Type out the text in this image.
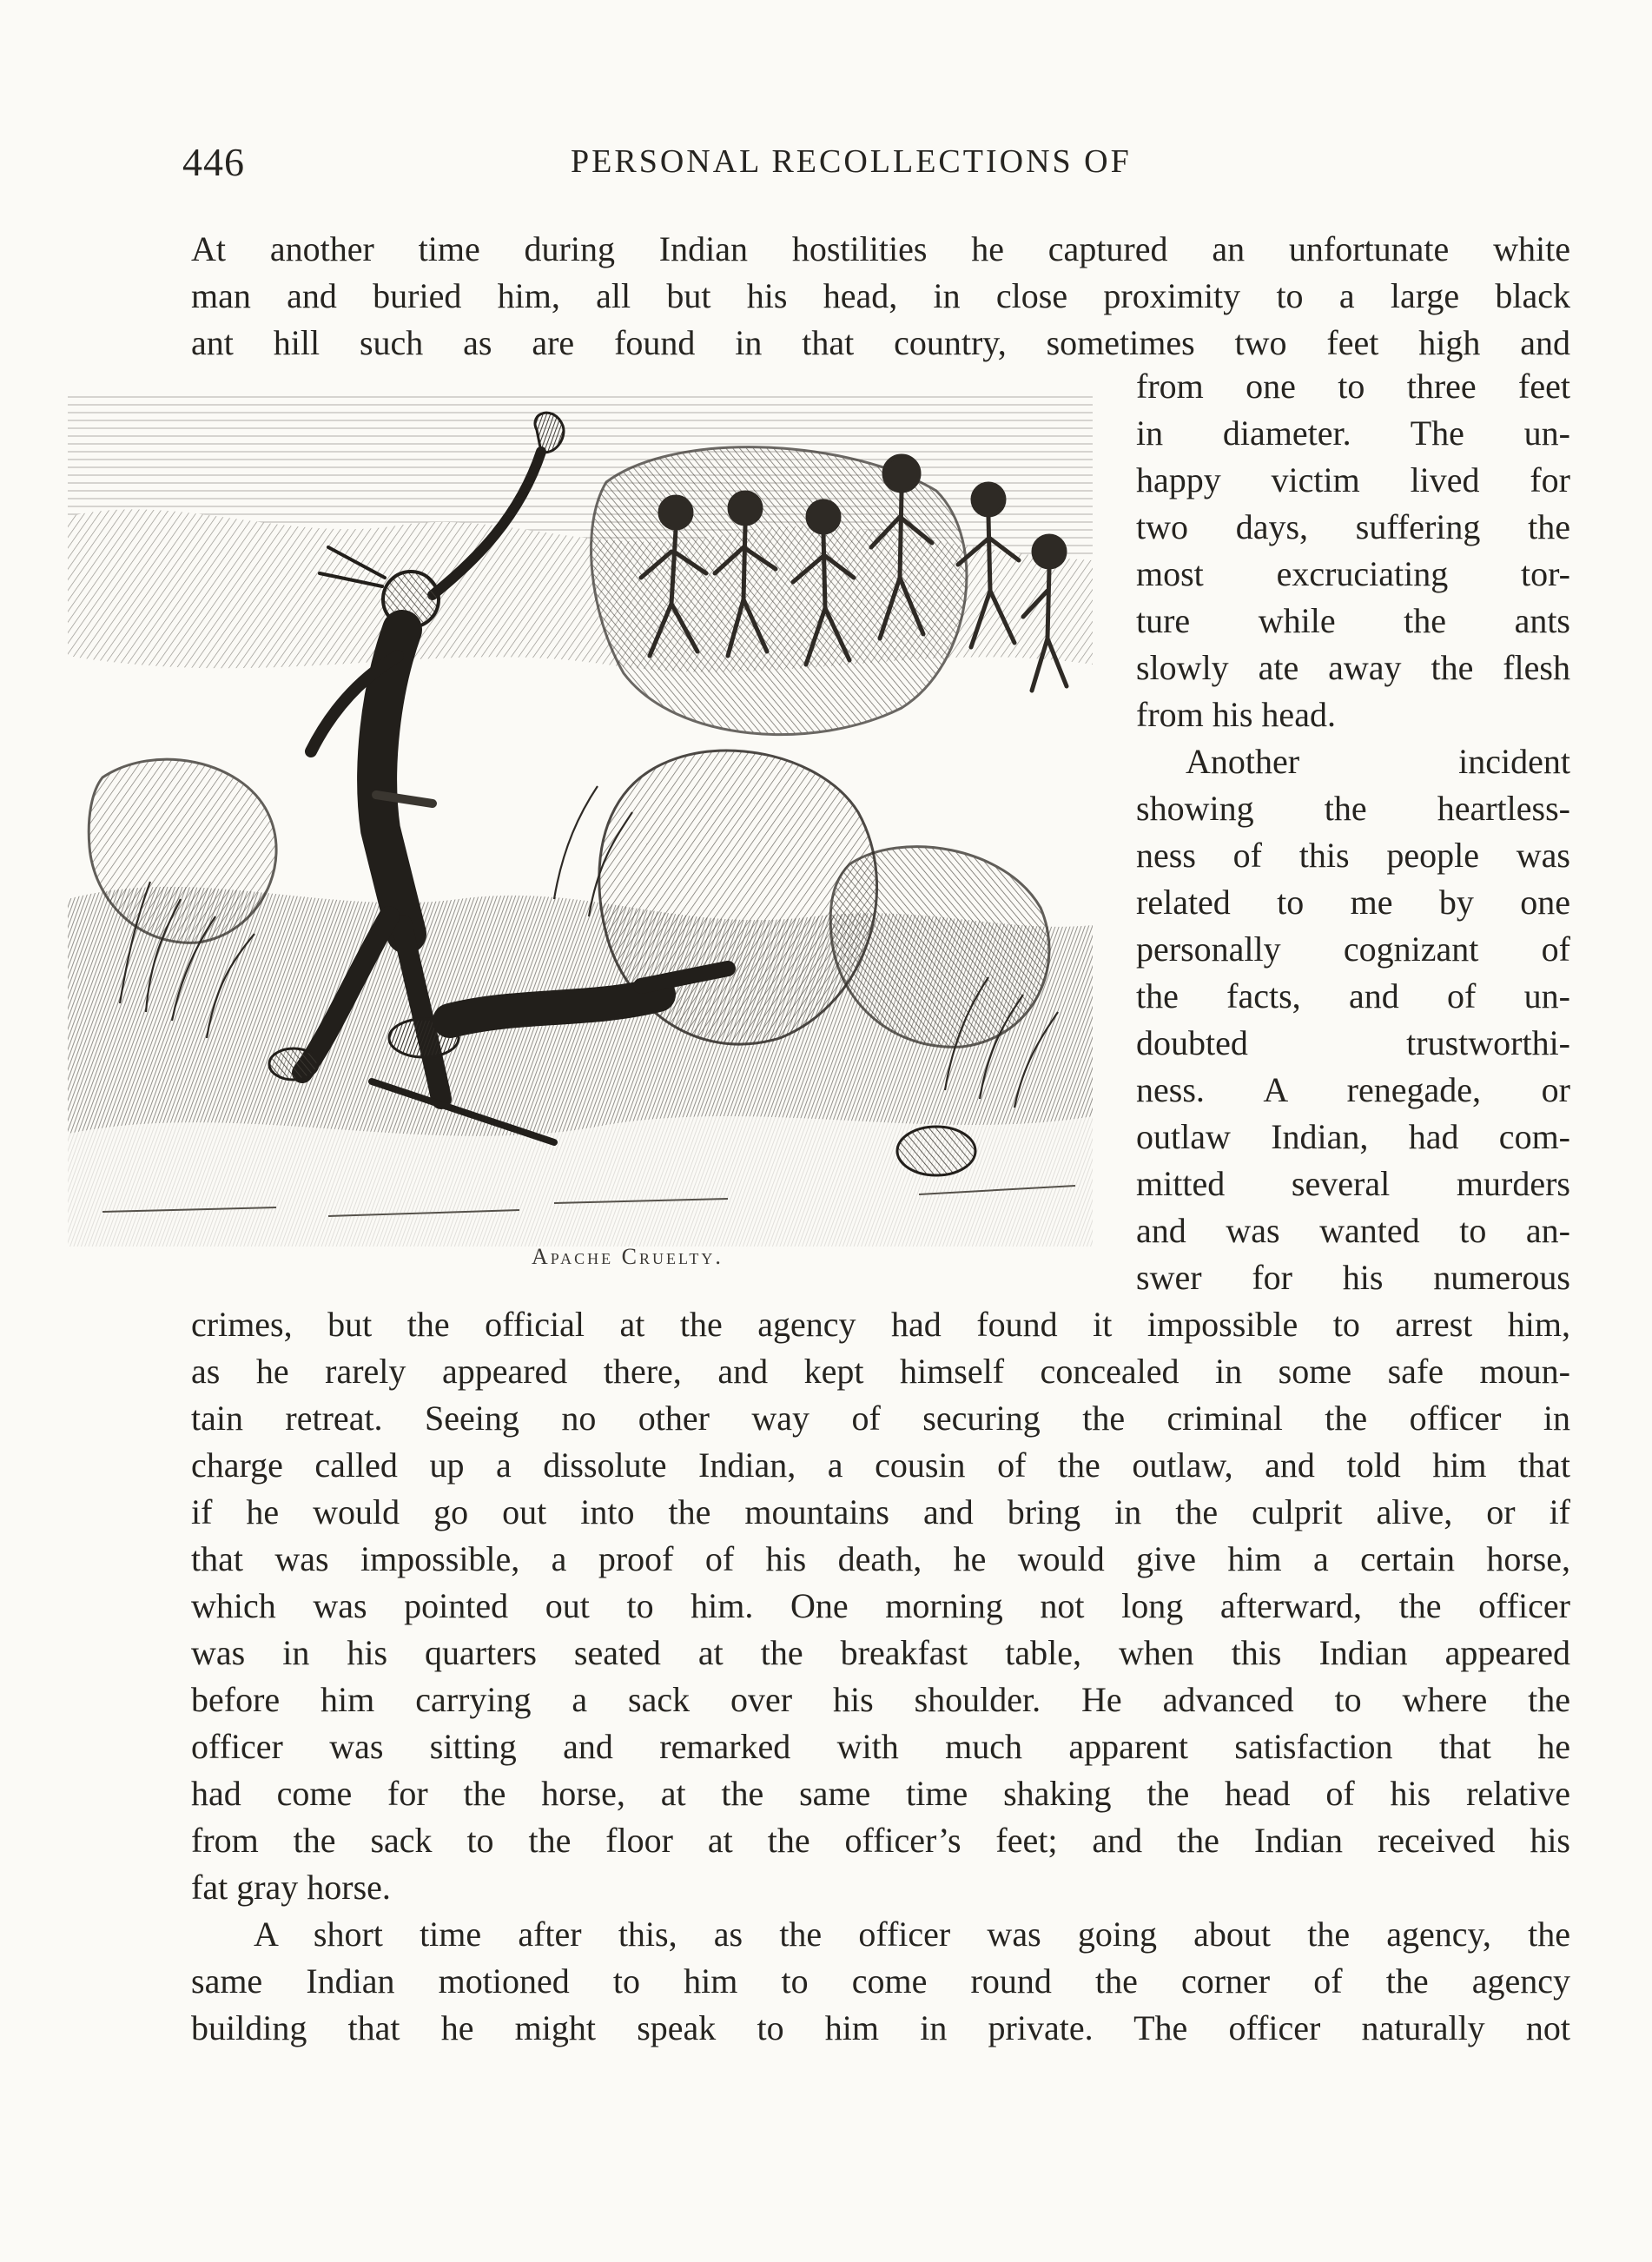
446	PERSONAL RECOLLECTIONS OF
Apache Cruelty.
At another time during Indian hostilities he captured an unfortunate white
man and buried him, all but his head, in close proximity to a large black
ant hill such as are found in that country, sometimes two feet high and
from one to three feet
in diameter. The un-
happy victim lived for
two days, suffering the
most excruciating tor-
ture while the ants
slowly ate away the flesh
from his head.
Another incident
showing the heartless-
ness of this people was
related to me by one
personally cognizant of
the facts, and of un-
doubted trustworthi-
ness. A renegade, or
outlaw Indian, had com-
mitted several murders
and was wanted to an-
swer for his numerous
crimes, but the official at the agency had found it impossible to arrest him,
as he rarely appeared there, and kept himself concealed in some safe moun-
tain retreat. Seeing no other way of securing the criminal the officer in
charge called up a dissolute Indian, a cousin of the outlaw, and told him that
if he would go out into the mountains and bring in the culprit alive, or if
that was impossible, a proof of his death, he would give him a certain horse,
which was pointed out to him. One morning not long afterward, the officer
was in his quarters seated at the breakfast table, when this Indian appeared
before him carrying a sack over his shoulder. He advanced to where the
officer was sitting and remarked with much apparent satisfaction that he
had come for the horse, at the same time shaking the head of his relative
from the sack to the floor at the officer’s feet; and the Indian received his
fat gray horse.
A short time after this, as the officer was going about the agency, the
same Indian motioned to him to come round the corner of the agency
building that he might speak to him in private. The officer naturally not
